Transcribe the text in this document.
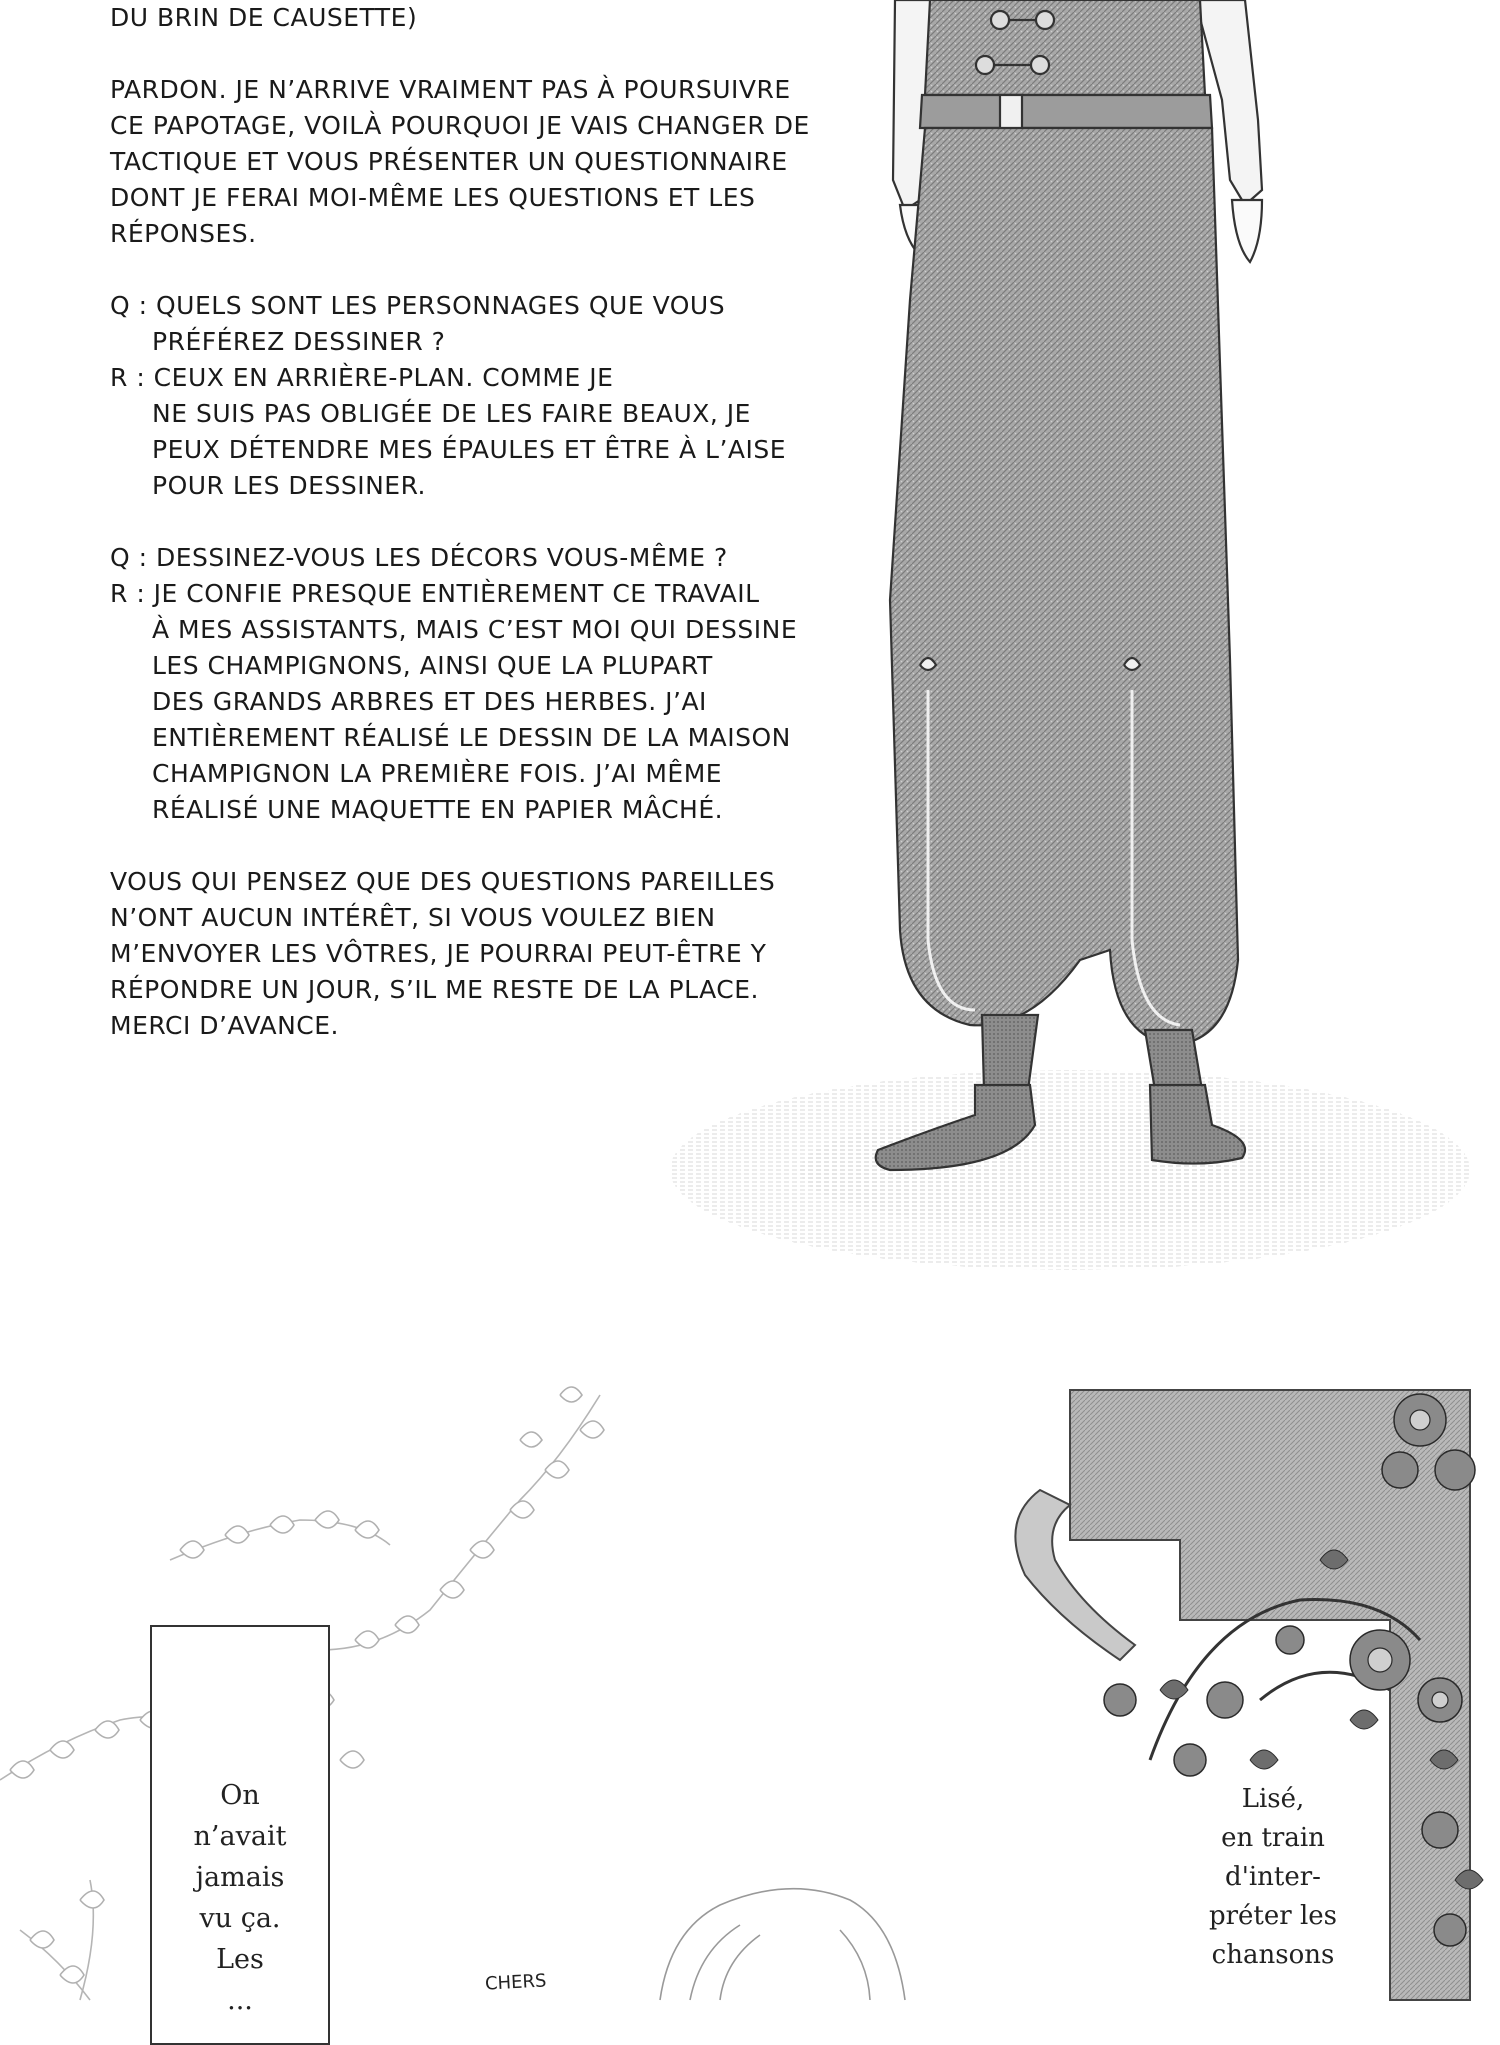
DU BRIN DE CAUSETTE)
PARDON. JE N’ARRIVE VRAIMENT PAS À POURSUIVRE
CE PAPOTAGE, VOILÀ POURQUOI JE VAIS CHANGER DE
TACTIQUE ET VOUS PRÉSENTER UN QUESTIONNAIRE
DONT JE FERAI MOI-MÊME LES QUESTIONS ET LES
RÉPONSES.
Q : QUELS SONT LES PERSONNAGES QUE VOUS
PRÉFÉREZ DESSINER ?
R : CEUX EN ARRIÈRE-PLAN. COMME JE
NE SUIS PAS OBLIGÉE DE LES FAIRE BEAUX, JE
PEUX DÉTENDRE MES ÉPAULES ET ÊTRE À L’AISE
POUR LES DESSINER.
Q : DESSINEZ-VOUS LES DÉCORS VOUS-MÊME ?
R : JE CONFIE PRESQUE ENTIÈREMENT CE TRAVAIL
À MES ASSISTANTS, MAIS C’EST MOI QUI DESSINE
LES CHAMPIGNONS, AINSI QUE LA PLUPART
DES GRANDS ARBRES ET DES HERBES. J’AI
ENTIÈREMENT RÉALISÉ LE DESSIN DE LA MAISON
CHAMPIGNON LA PREMIÈRE FOIS. J’AI MÊME
RÉALISÉ UNE MAQUETTE EN PAPIER MÂCHÉ.
VOUS QUI PENSEZ QUE DES QUESTIONS PAREILLES
N’ONT AUCUN INTÉRÊT, SI VOUS VOULEZ BIEN
M’ENVOYER LES VÔTRES, JE POURRAI PEUT-ÊTRE Y
RÉPONDRE UN JOUR, S’IL ME RESTE DE LA PLACE.
MERCI D’AVANCE.
On
n’avait
jamais
vu ça.
Les
...
CHERS
Lisé,
en train
d'inter-
préter les
chansons
